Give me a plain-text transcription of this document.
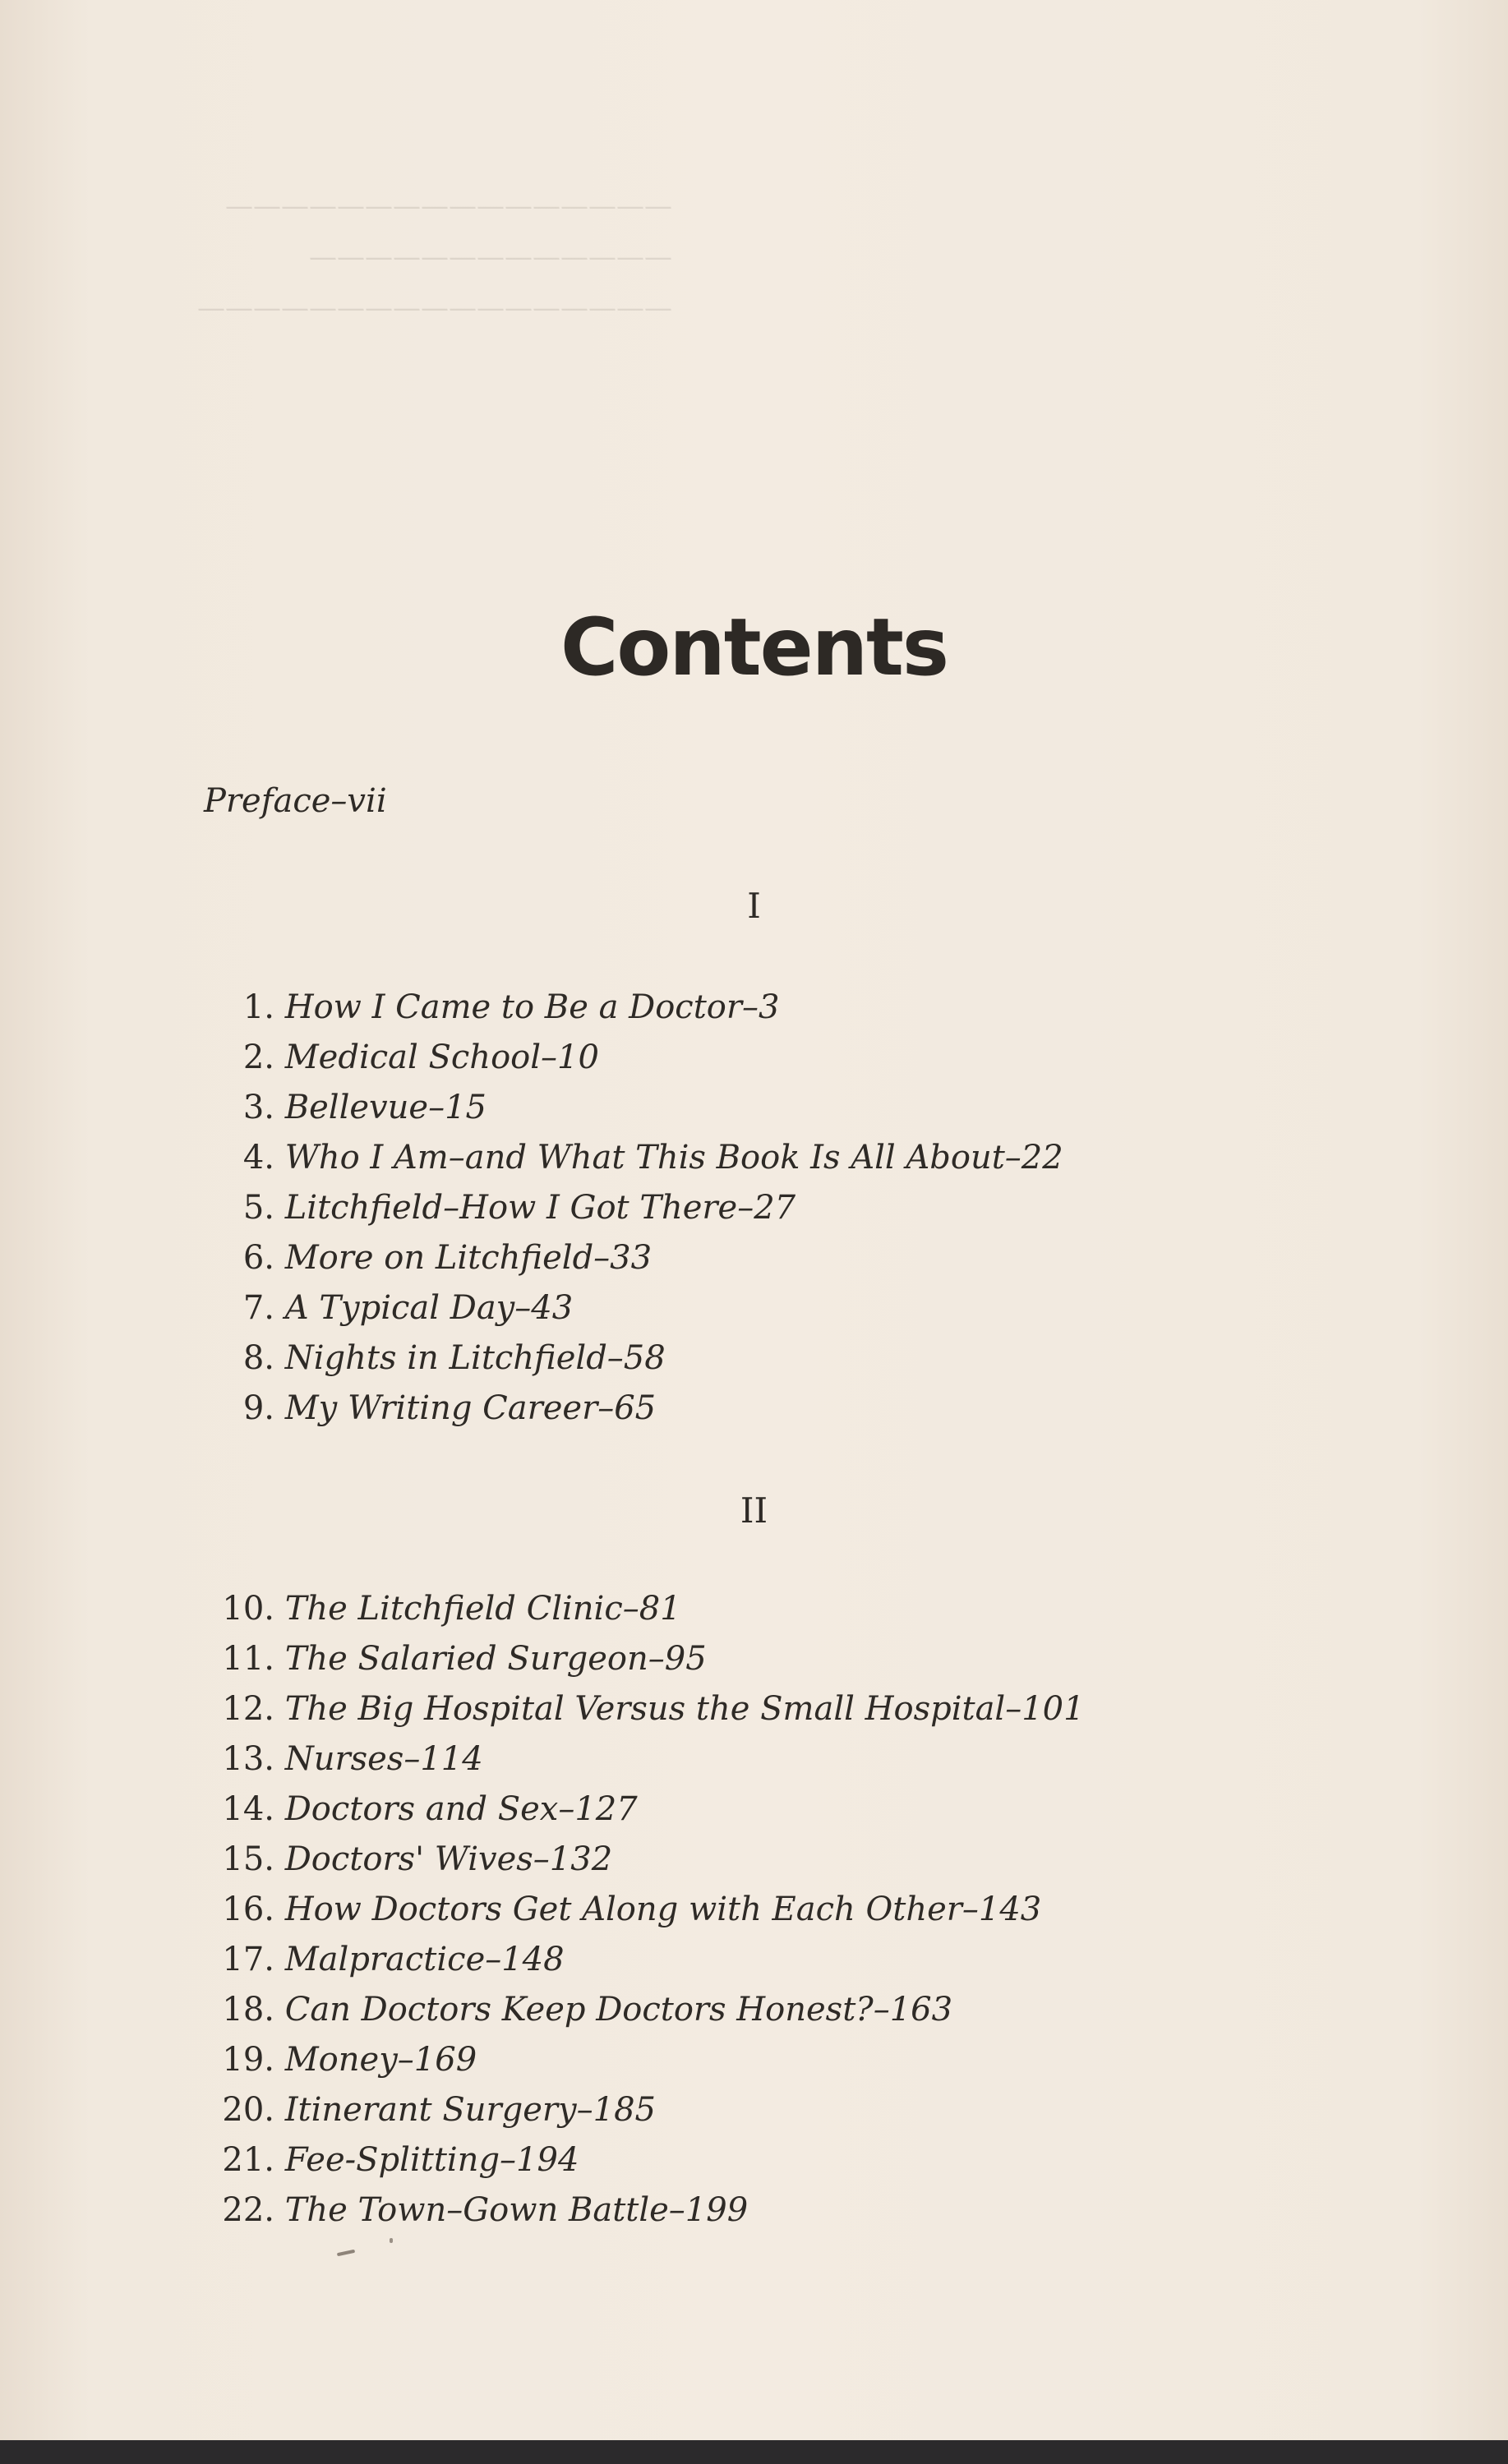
————————————————
—————————————
—————————————————
Contents
Preface–vii
I
1. How I Came to Be a Doctor–3
2. Medical School–10
3. Bellevue–15
4. Who I Am–and What This Book Is All About–22
5. Litchfield–How I Got There–27
6. More on Litchfield–33
7. A Typical Day–43
8. Nights in Litchfield–58
9. My Writing Career–65
II
10. The Litchfield Clinic–81
11. The Salaried Surgeon–95
12. The Big Hospital Versus the Small Hospital–101
13. Nurses–114
14. Doctors and Sex–127
15. Doctors' Wives–132
16. How Doctors Get Along with Each Other–143
17. Malpractice–148
18. Can Doctors Keep Doctors Honest?–163
19. Money–169
20. Itinerant Surgery–185
21. Fee-Splitting–194
22. The Town–Gown Battle–199
